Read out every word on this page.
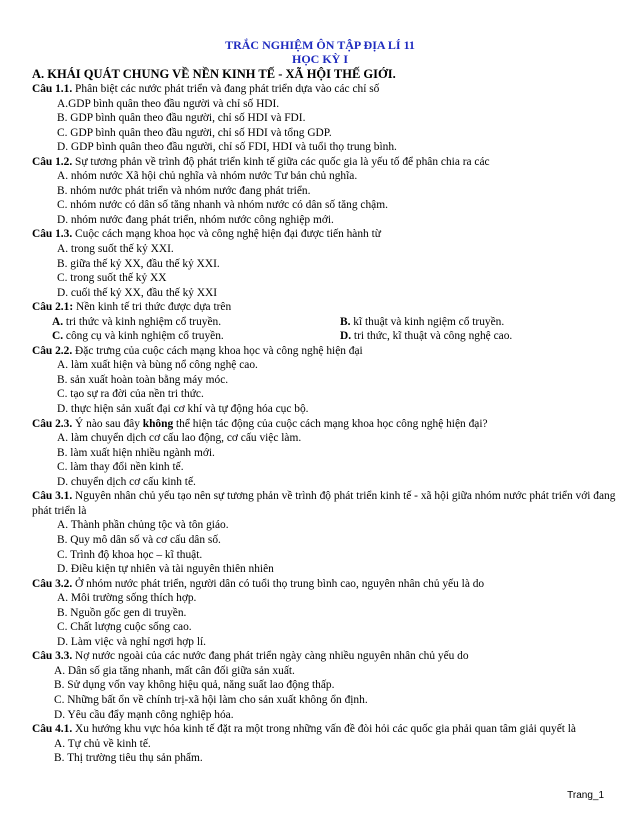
TRẮC NGHIỆM ÔN TẬP ĐỊA LÍ 11
HỌC KỲ I
A. KHÁI QUÁT CHUNG VỀ NỀN KINH TẾ - XÃ HỘI THẾ GIỚI.

Câu 1.1. Phân biệt các nước phát triển và đang phát triển dựa vào các chỉ số

A.GDP bình quân theo đầu người và chỉ số HDI.

B. GDP bình quân theo đầu người, chỉ số HDI và FDI.

C. GDP bình quân theo đầu người, chỉ số HDI và tổng GDP.

D. GDP bình quân theo đầu người, chỉ số FDI, HDI và tuổi thọ trung bình.

Câu 1.2. Sự tương phản về trình độ phát triển kinh tế giữa các quốc gia là yếu tố để phân chia ra các

A. nhóm nước Xã hội chủ nghĩa và nhóm nước Tư bản chủ nghĩa.

B. nhóm nước phát triển và nhóm nước đang phát triển.

C. nhóm nước có dân số tăng nhanh và nhóm nước có dân số tăng chậm.

D. nhóm nước đang phát triển, nhóm nước công nghiệp mới.

Câu 1.3. Cuộc cách mạng khoa học và công nghệ hiện đại được tiến hành từ

A. trong suốt thế kỷ XXI.

B. giữa thế kỷ XX, đầu thế kỷ XXI.

C. trong suốt thế kỷ XX

D. cuối thế kỷ XX, đầu thế kỷ XXI

Câu 2.1: Nền kinh tế tri thức được dựa trên

A. tri thức và kinh nghiệm cổ truyền.	B. kĩ thuật và kinh ngiệm cổ truyền.
C. công cụ và kinh nghiệm cổ truyền.	D. tri thức, kĩ thuật và công nghệ cao.

Câu 2.2. Đặc trưng của cuộc cách mạng khoa học và công nghệ hiện đại

A. làm xuất hiện và bùng nổ công nghệ cao.

B. sản xuất hoàn toàn bằng máy móc.

C. tạo sự ra đời của nền tri thức.

D. thực hiện sản xuất đại cơ khí và tự động hóa cục bộ.

Câu 2.3. Ý nào sau đây không thể hiện tác động của cuộc cách mạng khoa học công nghệ hiện đại?

A. làm chuyển dịch cơ cấu lao động, cơ cấu việc làm.

B. làm xuất hiện nhiều ngành mới.

C. làm thay đổi nền kinh tế.

D. chuyển dịch cơ cấu kinh tế.

Câu 3.1. Nguyên nhân chủ yếu tạo nên sự tương phản về trình độ phát triển kinh tế - xã hội giữa nhóm nước phát triển với đang phát triển là

A. Thành phần chủng tộc và tôn giáo.

B. Quy mô dân số và cơ cấu dân số.

C. Trình độ khoa học – kĩ thuật.

D. Điều kiện tự nhiên và tài nguyên thiên nhiên

Câu 3.2. Ở nhóm nước phát triển, người dân có tuổi thọ trung bình cao, nguyên nhân chủ yếu là do

A. Môi trường sống thích hợp.

B. Nguồn gốc gen di truyền.

C. Chất lượng cuộc sống cao.

D. Làm việc và nghỉ ngơi hợp lí.

Câu 3.3. Nợ nước ngoài của các nước đang phát triển ngày càng nhiều nguyên nhân chủ yếu do

A. Dân số gia tăng nhanh, mất cân đối giữa sản xuất.

B. Sử dụng vốn vay không hiệu quả, năng suất lao động thấp.

C. Những bất ổn về chính trị-xã hội làm cho sản xuất không ổn định.

D. Yêu cầu đẩy mạnh công nghiệp hóa.

Câu 4.1. Xu hướng khu vực hóa kinh tế đặt ra một trong những vấn đề đòi hỏi các quốc gia phải quan tâm giải quyết là

A. Tự chủ về kinh tế.

B. Thị trường tiêu thụ sản phẩm.

Trang_1
